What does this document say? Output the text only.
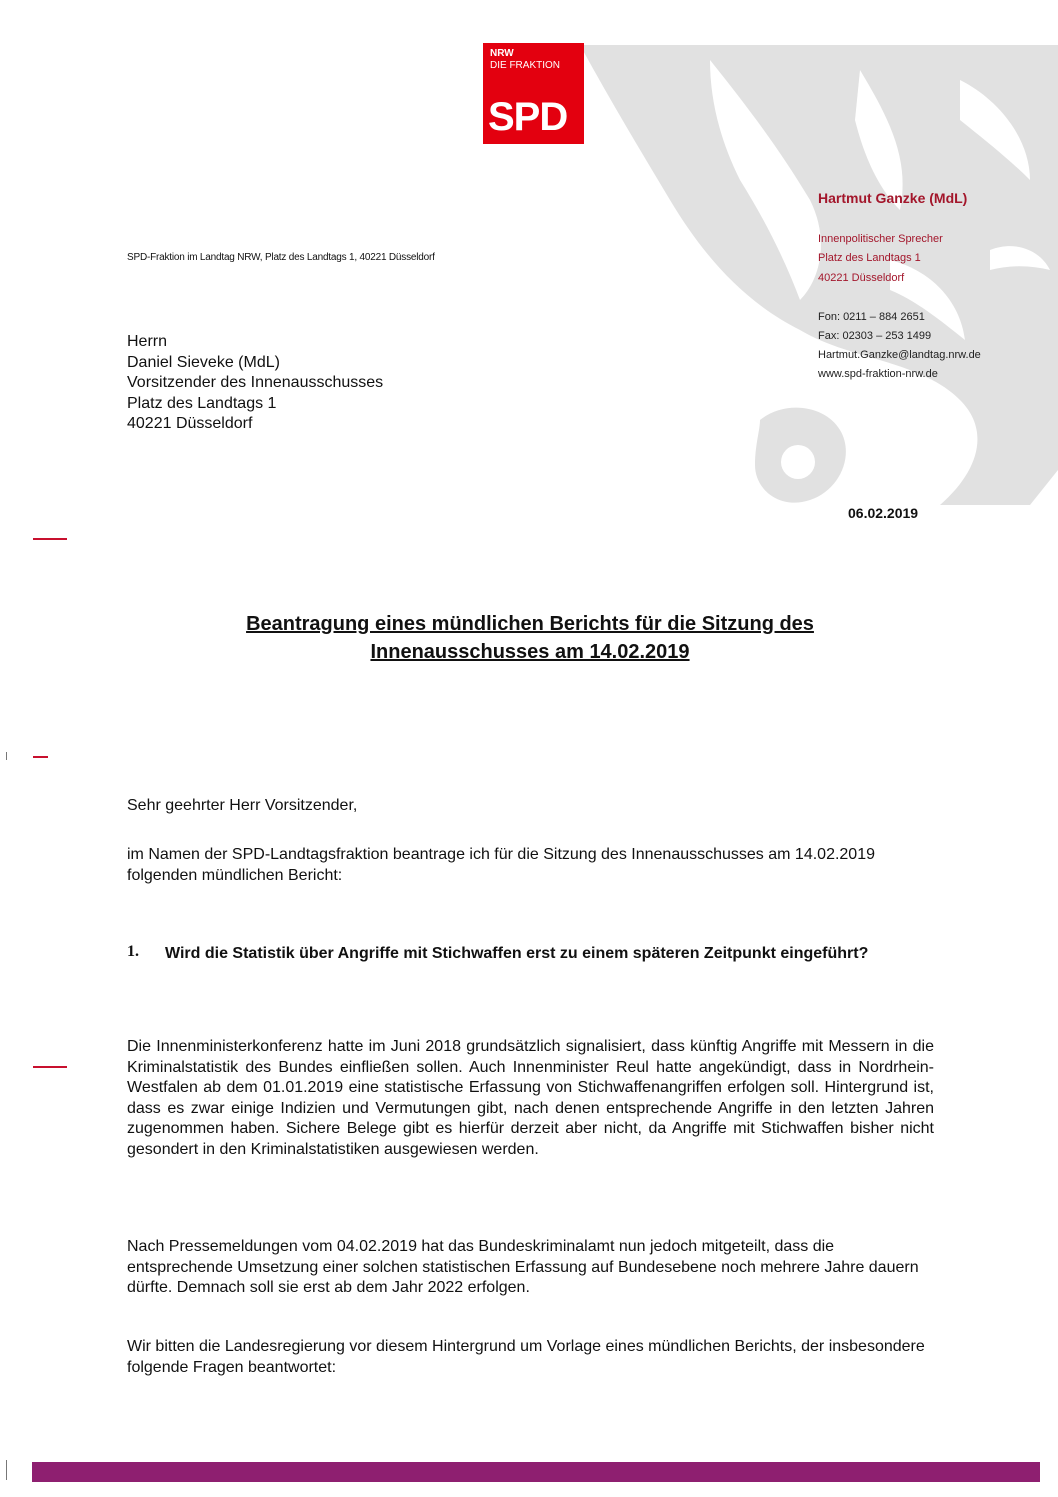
NRW
DIE FRAKTION
SPD
Hartmut Ganzke (MdL)
Innenpolitischer Sprecher
Platz des Landtags 1
40221 Düsseldorf
Fon: 0211 – 884 2651
Fax: 02303 – 253 1499
Hartmut.Ganzke@landtag.nrw.de
www.spd-fraktion-nrw.de
SPD-Fraktion im Landtag NRW, Platz des Landtags 1, 40221 Düsseldorf
Herrn
Daniel Sieveke (MdL)
Vorsitzender des Innenausschusses
Platz des Landtags 1
40221 Düsseldorf
06.02.2019
Beantragung eines mündlichen Berichts für die Sitzung des
Innenausschusses am 14.02.2019
Sehr geehrter Herr Vorsitzender,
im Namen der SPD-Landtagsfraktion beantrage ich für die Sitzung des Innenausschusses am 14.02.2019 folgenden mündlichen Bericht:
1. Wird die Statistik über Angriffe mit Stichwaffen erst zu einem späteren Zeitpunkt eingeführt?
Die Innenministerkonferenz hatte im Juni 2018 grundsätzlich signalisiert, dass künftig Angriffe mit Messern in die Kriminalstatistik des Bundes einfließen sollen. Auch Innenminister Reul hatte angekündigt, dass in Nordrhein-Westfalen ab dem 01.01.2019 eine statistische Erfassung von Stichwaffenangriffen erfolgen soll. Hintergrund ist, dass es zwar einige Indizien und Vermutungen gibt, nach denen entsprechende Angriffe in den letzten Jahren zugenommen haben. Sichere Belege gibt es hierfür derzeit aber nicht, da Angriffe mit Stichwaffen bisher nicht gesondert in den Kriminalstatistiken ausgewiesen werden.
Nach Pressemeldungen vom 04.02.2019 hat das Bundeskriminalamt nun jedoch mitgeteilt, dass die entsprechende Umsetzung einer solchen statistischen Erfassung auf Bundesebene noch mehrere Jahre dauern dürfte. Demnach soll sie erst ab dem Jahr 2022 erfolgen.
Wir bitten die Landesregierung vor diesem Hintergrund um Vorlage eines mündlichen Berichts, der insbesondere folgende Fragen beantwortet:
